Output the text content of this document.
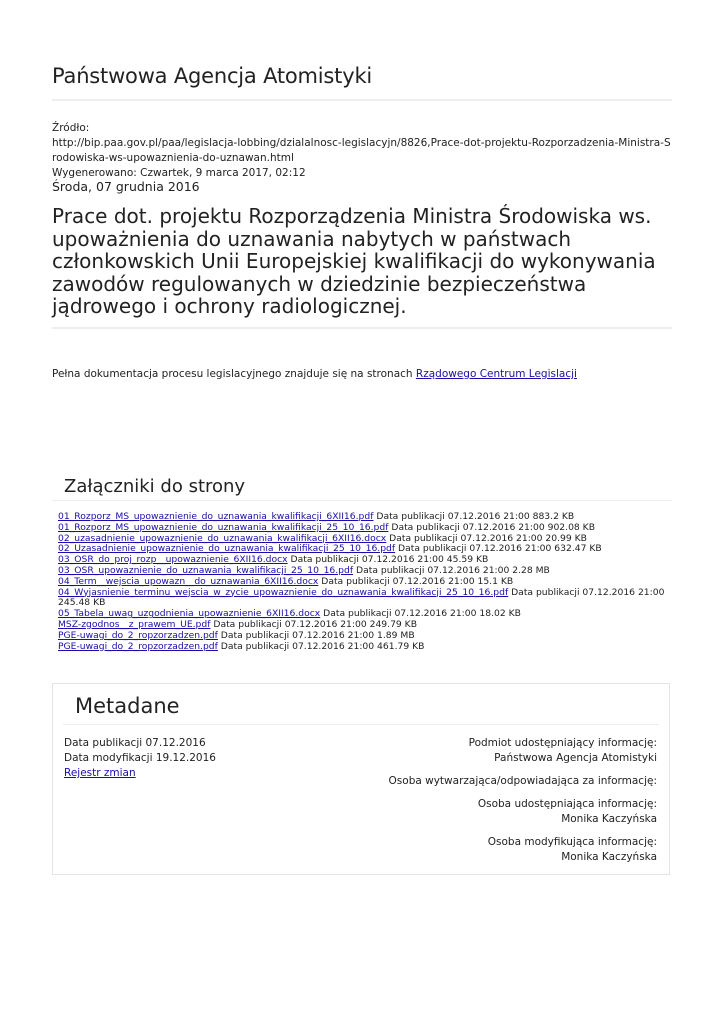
Państwowa Agencja Atomistyki
Źródło:
http://bip.paa.gov.pl/paa/legislacja-lobbing/dzialalnosc-legislacyjn/8826,Prace-dot-projektu-Rozporzadzenia-Ministra-Srodowiska-ws-upowaznienia-do-uznawan.html
Wygenerowano: Czwartek, 9 marca 2017, 02:12
Środa, 07 grudnia 2016
Prace dot. projektu Rozporządzenia Ministra Środowiska ws. upoważnienia do uznawania nabytych w państwach członkowskich Unii Europejskiej kwalifikacji do wykonywania zawodów regulowanych w dziedzinie bezpieczeństwa jądrowego i ochrony radiologicznej.
Pełna dokumentacja procesu legislacyjnego znajduje się na stronach Rządowego Centrum Legislacji
Załączniki do strony
01_Rozporz_MS_upowaznienie_do_uznawania_kwalifikacji_6XII16.pdf Data publikacji 07.12.2016 21:00 883.2 KB
01_Rozporz_MS_upowaznienie_do_uznawania_kwalifikacji_25_10_16.pdf Data publikacji 07.12.2016 21:00 902.08 KB
02_uzasadnienie_upowaznienie_do_uznawania_kwalifikacji_6XII16.docx Data publikacji 07.12.2016 21:00 20.99 KB
02_Uzasadnienie_upowaznienie_do_uznawania_kwalifikacji_25_10_16.pdf Data publikacji 07.12.2016 21:00 632.47 KB
03_OSR_do_proj_rozp__upowaznienie_6XII16.docx Data publikacji 07.12.2016 21:00 45.59 KB
03_OSR_upowaznienie_do_uznawania_kwalifikacji_25_10_16.pdf Data publikacji 07.12.2016 21:00 2.28 MB
04_Term__wejscia_upowazn__do_uznawania_6XII16.docx Data publikacji 07.12.2016 21:00 15.1 KB
04_Wyjasnienie_terminu_wejscia_w_zycie_upowaznienie_do_uznawania_kwalifikacji_25_10_16.pdf Data publikacji 07.12.2016 21:00 245.48 KB
05_Tabela_uwag_uzgodnienia_upowaznienie_6XII16.docx Data publikacji 07.12.2016 21:00 18.02 KB
MSZ-zgodnos__z_prawem_UE.pdf Data publikacji 07.12.2016 21:00 249.79 KB
PGE-uwagi_do_2_ropzorzadzen.pdf Data publikacji 07.12.2016 21:00 1.89 MB
PGE-uwagi_do_2_ropzorzadzen.pdf Data publikacji 07.12.2016 21:00 461.79 KB
Metadane
Data publikacji 07.12.2016
Data modyfikacji 19.12.2016
Rejestr zmian
Podmiot udostępniający informację:
Państwowa Agencja Atomistyki
Osoba wytwarzająca/odpowiadająca za informację:
Osoba udostępniająca informację:
Monika Kaczyńska
Osoba modyfikująca informację:
Monika Kaczyńska
